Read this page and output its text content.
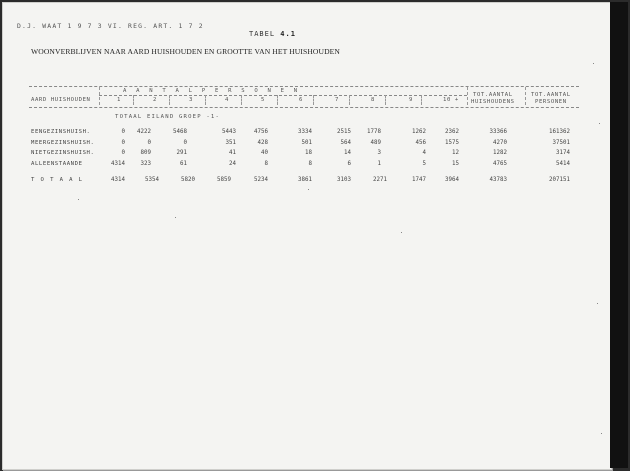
D.J. WAAT 1 9 7 3 VI. REG. ART. 1 7 2
TABEL 4.1
WOONVERBLIJVEN NAAR AARD HUISHOUDEN EN GROOTTE VAN HET HUISHOUDEN
AARD HUISHOUDEN
A A N T A L P E R S O N E N
1	2	3	4	5	6	7	8	9	10 +
TOT.AANTAL
HUISHOUDENS
TOT.AANTAL
PERSONEN
EENGEZINSHUISH.	0	4222	5468	5443	4756	3334	2515	1778	1262	2362	33366	161362
MEERGEZINSHUISH.	0	0	0	351	428	501	564	489	456	1575	4270	37501
NIETGEZINSHUISH.	0	809	291	41	40	18	14	3	4	12	1282	3174
ALLEENSTAANDE	4314	323	61	24	8	8	6	1	5	15	4765	5414
T O T A A L	4314	5354	5820	5859	5234	3861	3103	2271	1747	3964	43783	207151
TOTAAL EILAND GROEP -1-
